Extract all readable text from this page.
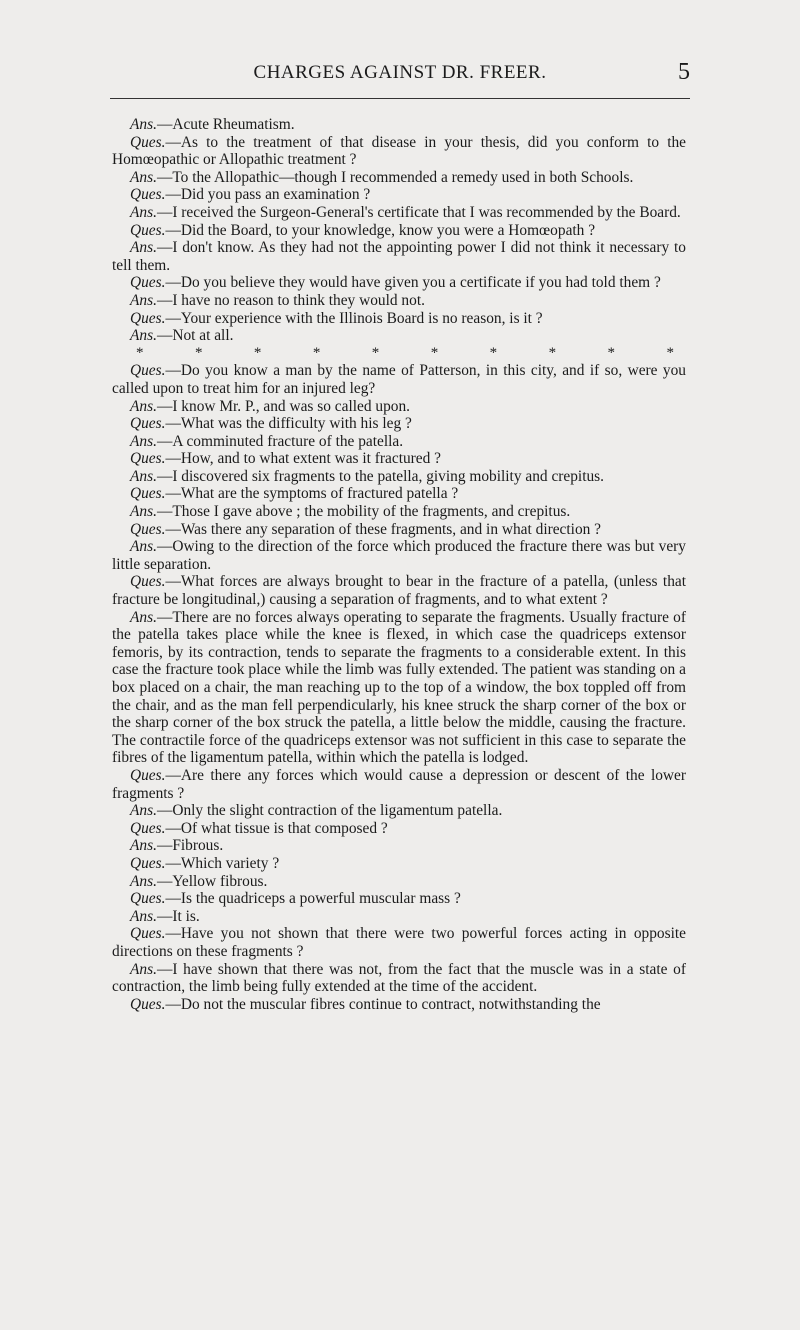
CHARGES AGAINST DR. FREER.	5

Ans.—Acute Rheumatism.

Ques.—As to the treatment of that disease in your thesis, did you conform to the Homœopathic or Allopathic treatment ?

Ans.—To the Allopathic—though I recommended a remedy used in both Schools.

Ques.—Did you pass an examination ?

Ans.—I received the Surgeon-General's certificate that I was recommended by the Board.

Ques.—Did the Board, to your knowledge, know you were a Homœopath ?

Ans.—I don't know. As they had not the appointing power I did not think it necessary to tell them.

Ques.—Do you believe they would have given you a certificate if you had told them ?

Ans.—I have no reason to think they would not.

Ques.—Your experience with the Illinois Board is no reason, is it ?

Ans.—Not at all.

*	*	*	*	*	*	*	*	*	*

Ques.—Do you know a man by the name of Patterson, in this city, and if so, were you called upon to treat him for an injured leg?

Ans.—I know Mr. P., and was so called upon.

Ques.—What was the difficulty with his leg ?

Ans.—A comminuted fracture of the patella.

Ques.—How, and to what extent was it fractured ?

Ans.—I discovered six fragments to the patella, giving mobility and crepitus.

Ques.—What are the symptoms of fractured patella ?

Ans.—Those I gave above ; the mobility of the fragments, and crepitus.

Ques.—Was there any separation of these fragments, and in what direction ?

Ans.—Owing to the direction of the force which produced the fracture there was but very little separation.

Ques.—What forces are always brought to bear in the fracture of a patella, (unless that fracture be longitudinal,) causing a separation of fragments, and to what extent ?

Ans.—There are no forces always operating to separate the fragments. Usually fracture of the patella takes place while the knee is flexed, in which case the quadriceps extensor femoris, by its contraction, tends to separate the fragments to a considerable extent. In this case the fracture took place while the limb was fully extended. The patient was standing on a box placed on a chair, the man reaching up to the top of a window, the box toppled off from the chair, and as the man fell perpendicularly, his knee struck the sharp corner of the box or the sharp corner of the box struck the patella, a little below the middle, causing the fracture. The contractile force of the quadriceps extensor was not sufficient in this case to separate the fibres of the ligamentum patella, within which the patella is lodged.

Ques.—Are there any forces which would cause a depression or descent of the lower fragments ?

Ans.—Only the slight contraction of the ligamentum patella.

Ques.—Of what tissue is that composed ?

Ans.—Fibrous.

Ques.—Which variety ?

Ans.—Yellow fibrous.

Ques.—Is the quadriceps a powerful muscular mass ?

Ans.—It is.

Ques.—Have you not shown that there were two powerful forces acting in opposite directions on these fragments ?

Ans.—I have shown that there was not, from the fact that the muscle was in a state of contraction, the limb being fully extended at the time of the accident.

Ques.—Do not the muscular fibres continue to contract, notwithstanding the
